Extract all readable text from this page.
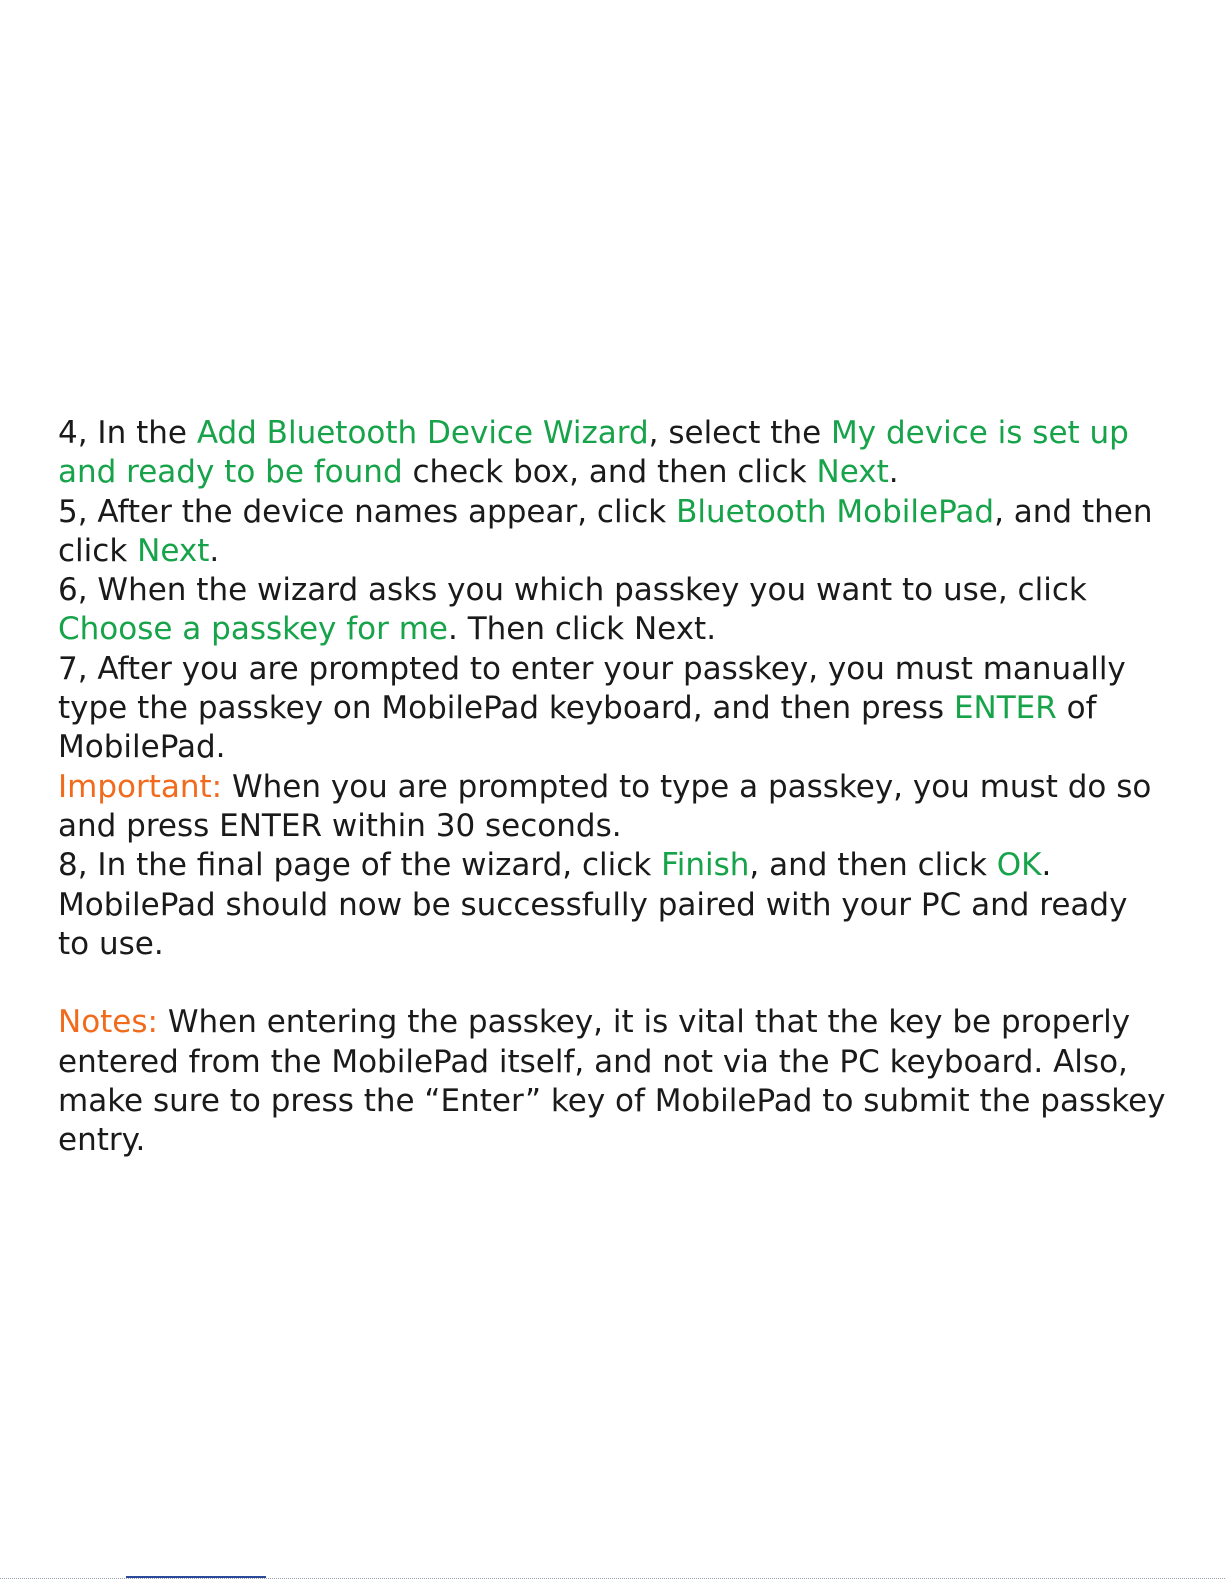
4, In the Add Bluetooth Device Wizard, select the My device is set up and ready to be found check box, and then click Next.

5, After the device names appear, click Bluetooth MobilePad, and then click Next.

6, When the wizard asks you which passkey you want to use, click Choose a passkey for me. Then click Next.

7, After you are prompted to enter your passkey, you must manually type the passkey on MobilePad keyboard, and then press ENTER of MobilePad.

Important: When you are prompted to type a passkey, you must do so and press ENTER within 30 seconds.

8, In the final page of the wizard, click Finish, and then click OK. MobilePad should now be successfully paired with your PC and ready to use.

Notes: When entering the passkey, it is vital that the key be properly entered from the MobilePad itself, and not via the PC keyboard. Also, make sure to press the “Enter” key of MobilePad to submit the passkey entry.
